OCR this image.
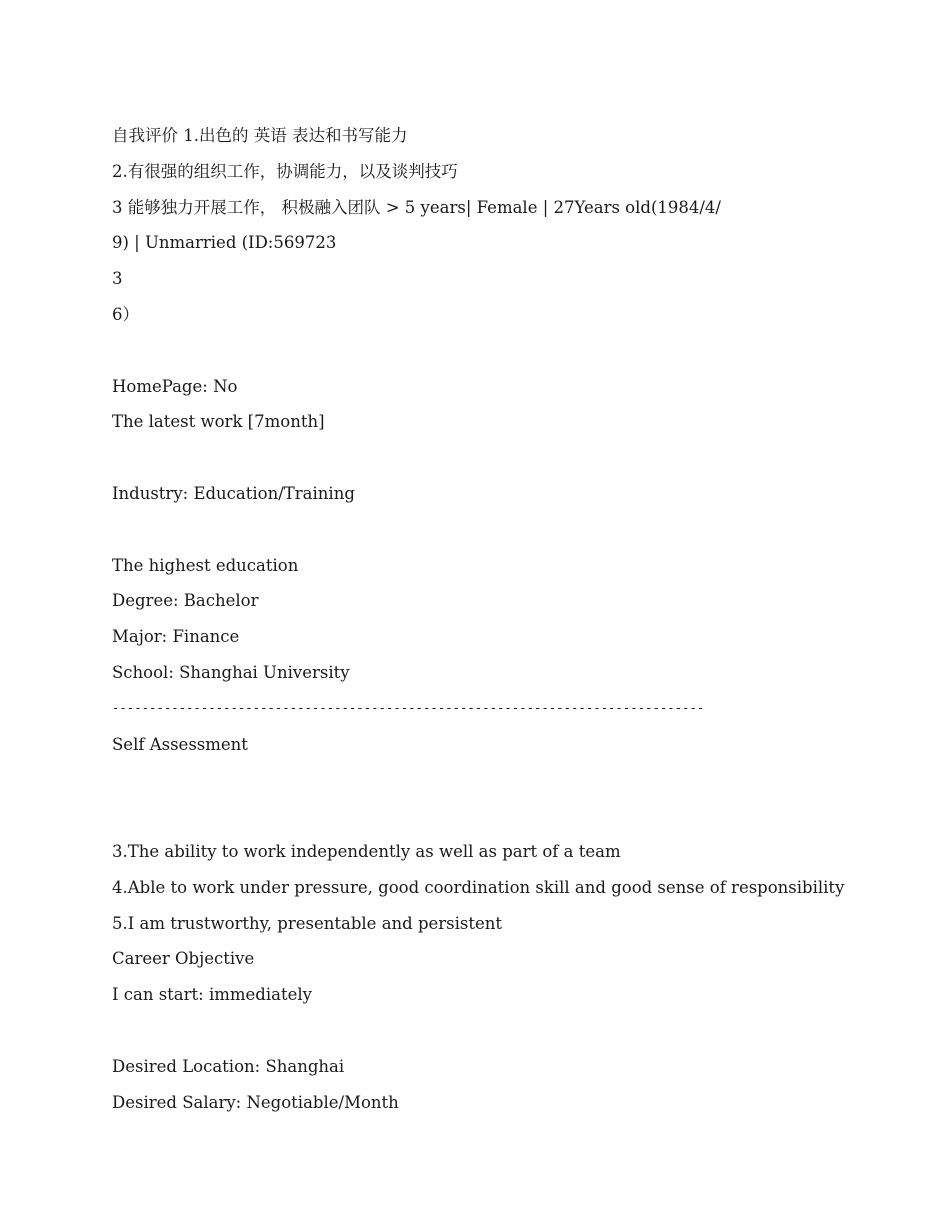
自我评价 1.出色的 英语 表达和书写能力
2.有很强的组织工作，协调能力，以及谈判技巧
3 能够独力开展工作， 积极融入团队 > 5 years| Female | 27Years old(1984/4/
9) | Unmarried (ID:569723
3
6）
HomePage: No
The latest work [7month]
Industry: Education/Training
The highest education
Degree: Bachelor
Major: Finance
School: Shanghai University
--------------------------------------------------------------------------------
Self Assessment
3.The ability to work independently as well as part of a team
4.Able to work under pressure, good coordination skill and good sense of responsibility
5.I am trustworthy, presentable and persistent
Career Objective
I can start: immediately
Desired Location: Shanghai
Desired Salary: Negotiable/Month
